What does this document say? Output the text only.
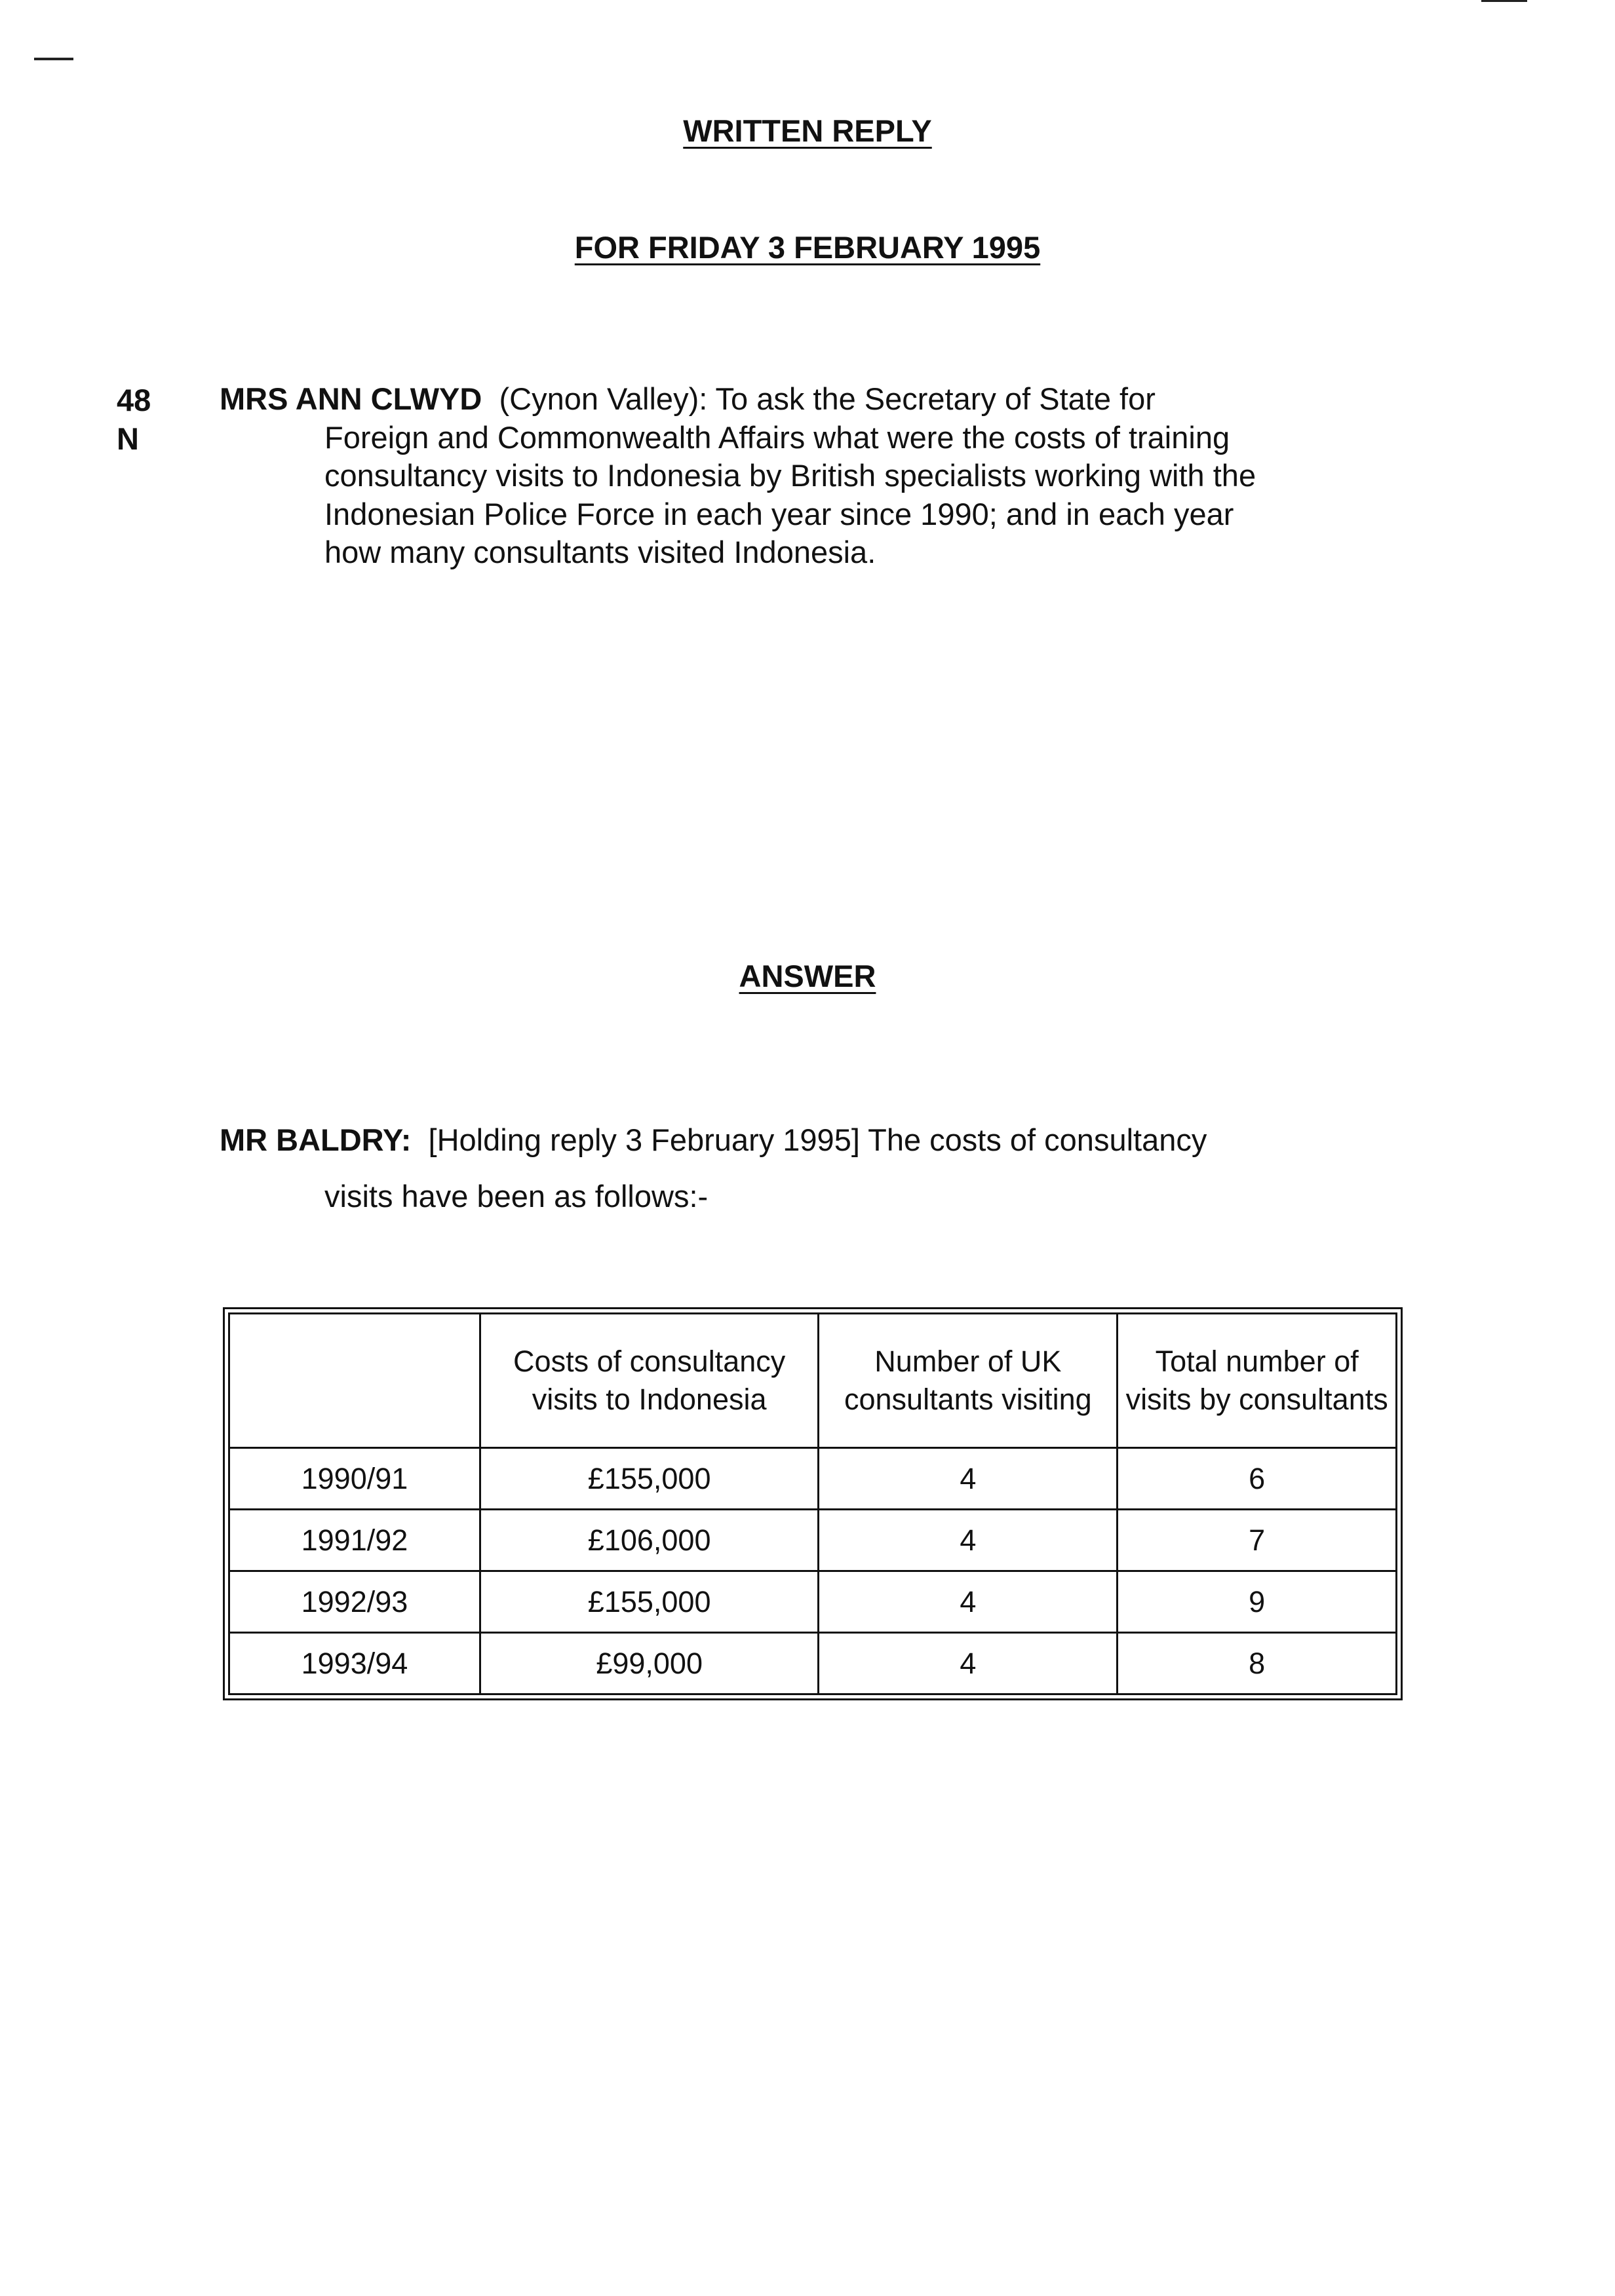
WRITTEN REPLY
FOR FRIDAY 3 FEBRUARY 1995
48
N
MRS ANN CLWYD (Cynon Valley): To ask the Secretary of State for
Foreign and Commonwealth Affairs what were the costs of training
consultancy visits to Indonesia by British specialists working with the
Indonesian Police Force in each year since 1990; and in each year
how many consultants visited Indonesia.
ANSWER
MR BALDRY: [Holding reply 3 February 1995] The costs of consultancy
visits have been as follows:-
	Costs of consultancy visits to Indonesia	Number of UK consultants visiting	Total number of visits by consultants
1990/91	£155,000	4	6
1991/92	£106,000	4	7
1992/93	£155,000	4	9
1993/94	£99,000	4	8
